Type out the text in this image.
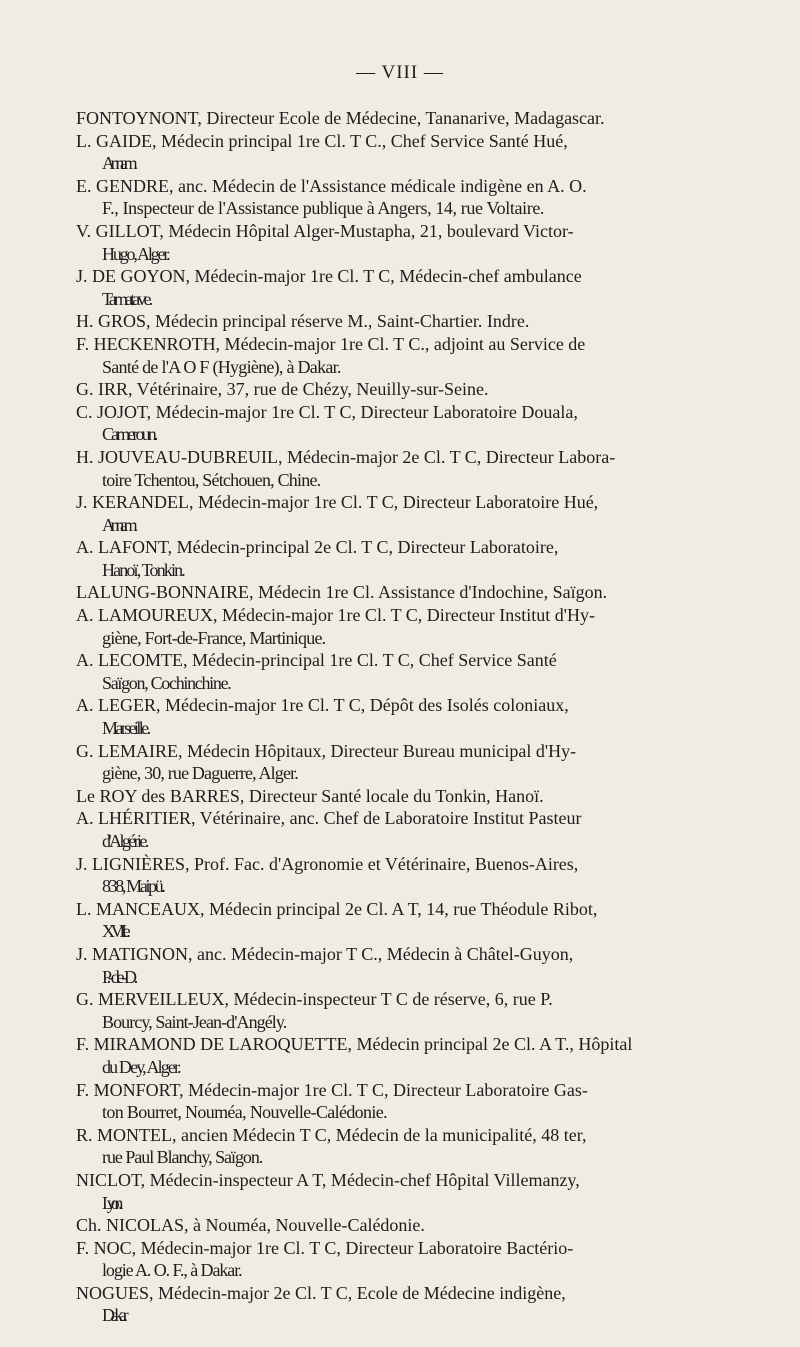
— VIII —
FONTOYNONT, Directeur Ecole de Médecine, Tananarive, Madagascar.
L. GAIDE, Médecin principal 1re Cl. T C., Chef Service Santé Hué,
Annam.
E. GENDRE, anc. Médecin de l'Assistance médicale indigène en A. O.
F., Inspecteur de l'Assistance publique à Angers, 14, rue Voltaire.
V. GILLOT, Médecin Hôpital Alger-Mustapha, 21, boulevard Victor-
Hugo, Alger.
J. DE GOYON, Médecin-major 1re Cl. T C, Médecin-chef ambulance
Tamatave.
H. GROS, Médecin principal réserve M., Saint-Chartier. Indre.
F. HECKENROTH, Médecin-major 1re Cl. T C., adjoint au Service de
Santé de l'A O F (Hygiène), à Dakar.
G. IRR, Vétérinaire, 37, rue de Chézy, Neuilly-sur-Seine.
C. JOJOT, Médecin-major 1re Cl. T C, Directeur Laboratoire Douala,
Cameroun.
H. JOUVEAU-DUBREUIL, Médecin-major 2e Cl. T C, Directeur Labora-
toire Tchentou, Sétchouen, Chine.
J. KERANDEL, Médecin-major 1re Cl. T C, Directeur Laboratoire Hué,
Annam.
A. LAFONT, Médecin-principal 2e Cl. T C, Directeur Laboratoire,
Hanoï, Tonkin.
LALUNG-BONNAIRE, Médecin 1re Cl. Assistance d'Indochine, Saïgon.
A. LAMOUREUX, Médecin-major 1re Cl. T C, Directeur Institut d'Hy-
giène, Fort-de-France, Martinique.
A. LECOMTE, Médecin-principal 1re Cl. T C, Chef Service Santé
Saïgon, Cochinchine.
A. LEGER, Médecin-major 1re Cl. T C, Dépôt des Isolés coloniaux,
Marseille.
G. LEMAIRE, Médecin Hôpitaux, Directeur Bureau municipal d'Hy-
giène, 30, rue Daguerre, Alger.
Le ROY des BARRES, Directeur Santé locale du Tonkin, Hanoï.
A. LHÉRITIER, Vétérinaire, anc. Chef de Laboratoire Institut Pasteur
d'Algérie.
J. LIGNIÈRES, Prof. Fac. d'Agronomie et Vétérinaire, Buenos-Aires,
838, Maipü.
L. MANCEAUX, Médecin principal 2e Cl. A T, 14, rue Théodule Ribot,
XVIIe.
J. MATIGNON, anc. Médecin-major T C., Médecin à Châtel-Guyon,
P.-de-D.
G. MERVEILLEUX, Médecin-inspecteur T C de réserve, 6, rue P.
Bourcy, Saint-Jean-d'Angély.
F. MIRAMOND DE LAROQUETTE, Médecin principal 2e Cl. A T., Hôpital
du Dey, Alger.
F. MONFORT, Médecin-major 1re Cl. T C, Directeur Laboratoire Gas-
ton Bourret, Nouméa, Nouvelle-Calédonie.
R. MONTEL, ancien Médecin T C, Médecin de la municipalité, 48 ter,
rue Paul Blanchy, Saïgon.
NICLOT, Médecin-inspecteur A T, Médecin-chef Hôpital Villemanzy,
Lyon.
Ch. NICOLAS, à Nouméa, Nouvelle-Calédonie.
F. NOC, Médecin-major 1re Cl. T C, Directeur Laboratoire Bactério-
logie A. O. F., à Dakar.
NOGUES, Médecin-major 2e Cl. T C, Ecole de Médecine indigène,
Dakar.
